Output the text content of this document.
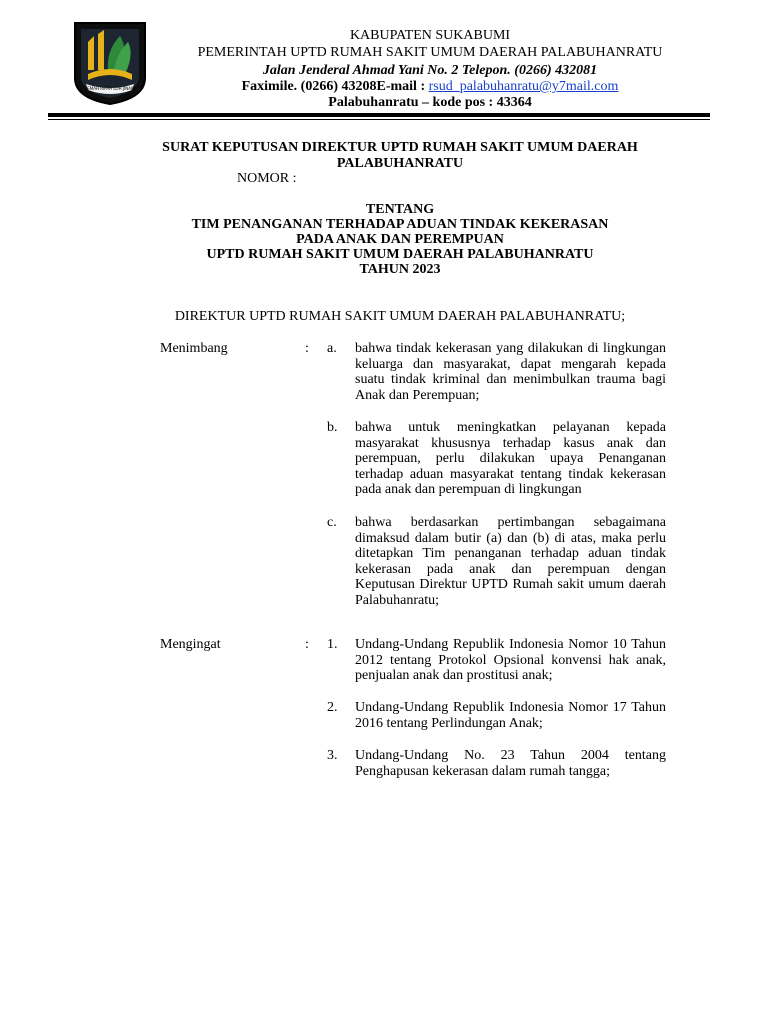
GEMAH RIPAH LOH JINAWI
KABUPATEN SUKABUMI
PEMERINTAH UPTD RUMAH SAKIT UMUM DAERAH PALABUHANRATU
Jalan Jenderal Ahmad Yani No. 2 Telepon. (0266) 432081
Faximile. (0266) 43208E-mail : rsud_palabuhanratu@y7mail.com
Palabuhanratu – kode pos : 43364
SURAT KEPUTUSAN DIREKTUR UPTD RUMAH SAKIT UMUM DAERAH
PALABUHANRATU
NOMOR :
TENTANG
TIM PENANGANAN TERHADAP ADUAN TINDAK KEKERASAN
PADA ANAK DAN PEREMPUAN
UPTD RUMAH SAKIT UMUM DAERAH PALABUHANRATU
TAHUN 2023
DIREKTUR UPTD RUMAH SAKIT UMUM DAERAH PALABUHANRATU;
Menimbang	: a. bahwa tindak kekerasan yang dilakukan di lingkungan keluarga dan masyarakat, dapat mengarah kepada suatu tindak kriminal dan menimbulkan trauma bagi Anak dan Perempuan;
b. bahwa untuk meningkatkan pelayanan kepada masyarakat khususnya terhadap kasus anak dan perempuan, perlu dilakukan upaya Penanganan terhadap aduan masyarakat tentang tindak kekerasan pada anak dan perempuan di lingkungan
c. bahwa berdasarkan pertimbangan sebagaimana dimaksud dalam butir (a) dan (b) di atas, maka perlu ditetapkan Tim penanganan terhadap aduan tindak kekerasan pada anak dan perempuan dengan Keputusan Direktur UPTD Rumah sakit umum daerah Palabuhanratu;
Mengingat	: 1. Undang-Undang Republik Indonesia Nomor 10 Tahun 2012 tentang Protokol Opsional konvensi hak anak, penjualan anak dan prostitusi anak;
2. Undang-Undang Republik Indonesia Nomor 17 Tahun 2016 tentang Perlindungan Anak;
3. Undang-Undang No. 23 Tahun 2004 tentang Penghapusan kekerasan dalam rumah tangga;
